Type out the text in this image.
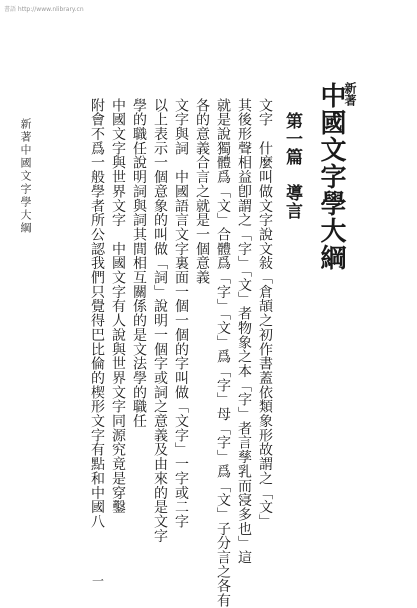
書語 http://www.nlibrary.cn
新著
中國文字學大綱
第一篇導言
文字　什麼叫做文字說文敍「倉頡之初作書蓋依類象形故謂之「文」
其後形聲相益卽謂之「字」「文」者物象之本「字」者言孳乳而寖多也」這
就是說獨體爲「文」合體爲「字」「文」爲「字」母「字」爲「文」子分言之各有
各的意義合言之就是一個意義
文字與詞　中國語言文字裏面一個一個的字叫做「文字」一字或二字
以上表示一個意象的叫做「詞」說明一個字或詞之意義及由來的是文字
學的職任說明詞與詞其間相互關係的是文法學的職任
中國文字與世界文字　中國文字有人說與世界文字同源究竟是穿鑿
附會不爲一般學者所公認我們只覺得巴比倫的楔形文字有點和中國八
新著中國文字學大綱
一
